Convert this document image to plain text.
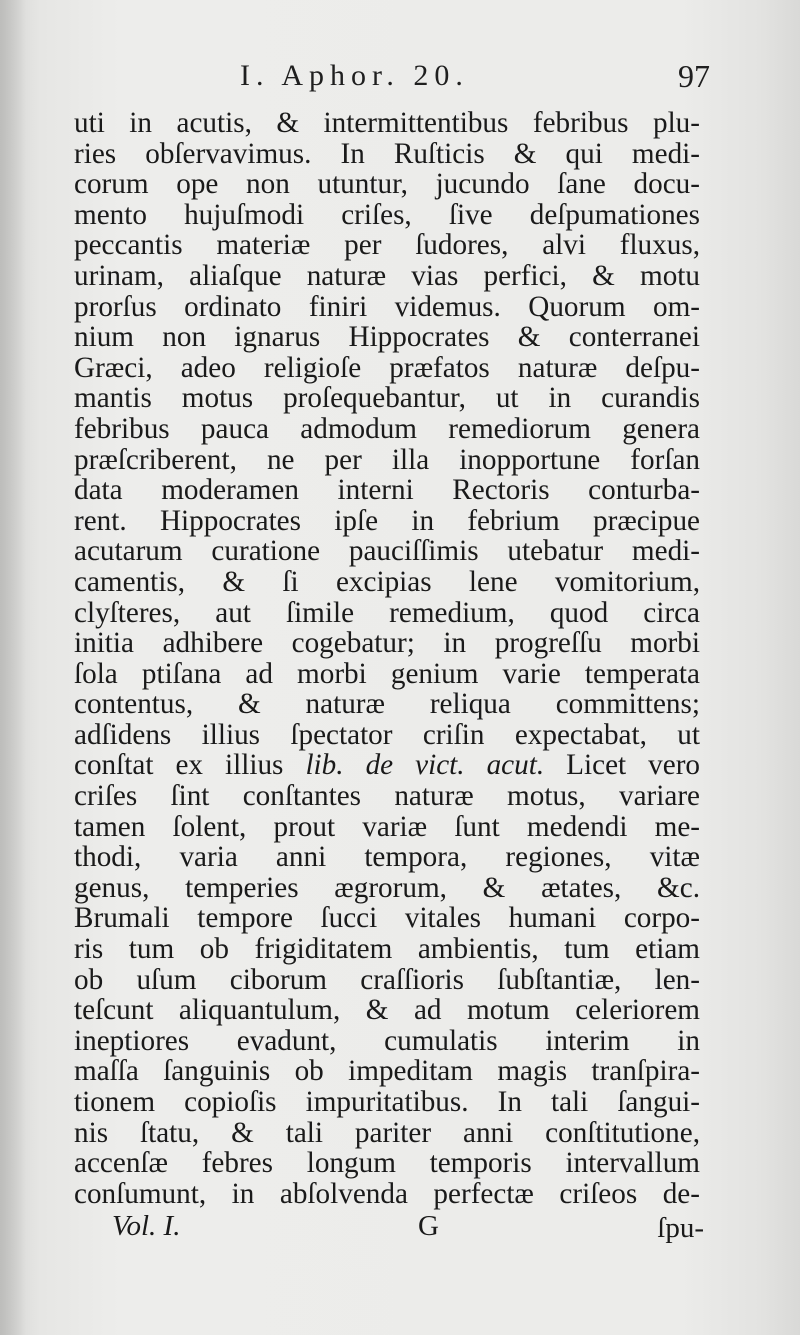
I. Aphor. 20.	97
uti in acutis, & intermittentibus febribus plu-
ries obſervavimus. In Ruſticis & qui medi-
corum ope non utuntur, jucundo ſane docu-
mento hujuſmodi criſes, ſive deſpumationes
peccantis materiæ per ſudores, alvi fluxus,
urinam, aliaſque naturæ vias perfici, & motu
prorſus ordinato finiri videmus. Quorum om-
nium non ignarus Hippocrates & conterranei
Græci, adeo religioſe præfatos naturæ deſpu-
mantis motus proſequebantur, ut in curandis
febribus pauca admodum remediorum genera
præſcriberent, ne per illa inopportune forſan
data moderamen interni Rectoris conturba-
rent. Hippocrates ipſe in febrium præcipue
acutarum curatione pauciſſimis utebatur medi-
camentis, & ſi excipias lene vomitorium,
clyſteres, aut ſimile remedium, quod circa
initia adhibere cogebatur; in progreſſu morbi
ſola ptiſana ad morbi genium varie temperata
contentus, & naturæ reliqua committens;
adſidens illius ſpectator criſin expectabat, ut
conſtat ex illius lib. de vict. acut. Licet vero
criſes ſint conſtantes naturæ motus, variare
tamen ſolent, prout variæ ſunt medendi me-
thodi, varia anni tempora, regiones, vitæ
genus, temperies ægrorum, & ætates, &c.
Brumali tempore ſucci vitales humani corpo-
ris tum ob frigiditatem ambientis, tum etiam
ob uſum ciborum craſſioris ſubſtantiæ, len-
teſcunt aliquantulum, & ad motum celeriorem
ineptiores evadunt, cumulatis interim in
maſſa ſanguinis ob impeditam magis tranſpira-
tionem copioſis impuritatibus. In tali ſangui-
nis ſtatu, & tali pariter anni conſtitutione,
accenſæ febres longum temporis intervallum
conſumunt, in abſolvenda perfectæ criſeos de-
Vol. I.	G	ſpu-
